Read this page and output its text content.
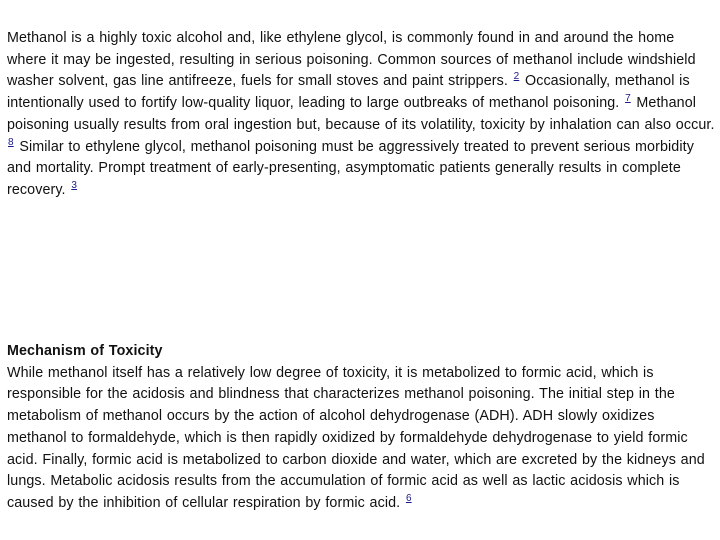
Methanol is a highly toxic alcohol and, like ethylene glycol, is commonly found in and around the home where it may be ingested, resulting in serious poisoning. Common sources of methanol include windshield washer solvent, gas line antifreeze, fuels for small stoves and paint strippers. $^2$ Occasionally, methanol is intentionally used to fortify low-quality liquor, leading to large outbreaks of methanol poisoning. $^7$ Methanol poisoning usually results from oral ingestion but, because of its volatility, toxicity by inhalation can also occur. $^8$ Similar to ethylene glycol, methanol poisoning must be aggressively treated to prevent serious morbidity and mortality. Prompt treatment of early-presenting, asymptomatic patients generally results in complete recovery. $^3$
Mechanism of Toxicity
While methanol itself has a relatively low degree of toxicity, it is metabolized to formic acid, which is responsible for the acidosis and blindness that characterizes methanol poisoning. The initial step in the metabolism of methanol occurs by the action of alcohol dehydrogenase (ADH). ADH slowly oxidizes methanol to formaldehyde, which is then rapidly oxidized by formaldehyde dehydrogenase to yield formic acid. Finally, formic acid is metabolized to carbon dioxide and water, which are excreted by the kidneys and lungs. Metabolic acidosis results from the accumulation of formic acid as well as lactic acidosis which is caused by the inhibition of cellular respiration by formic acid. $^6$
